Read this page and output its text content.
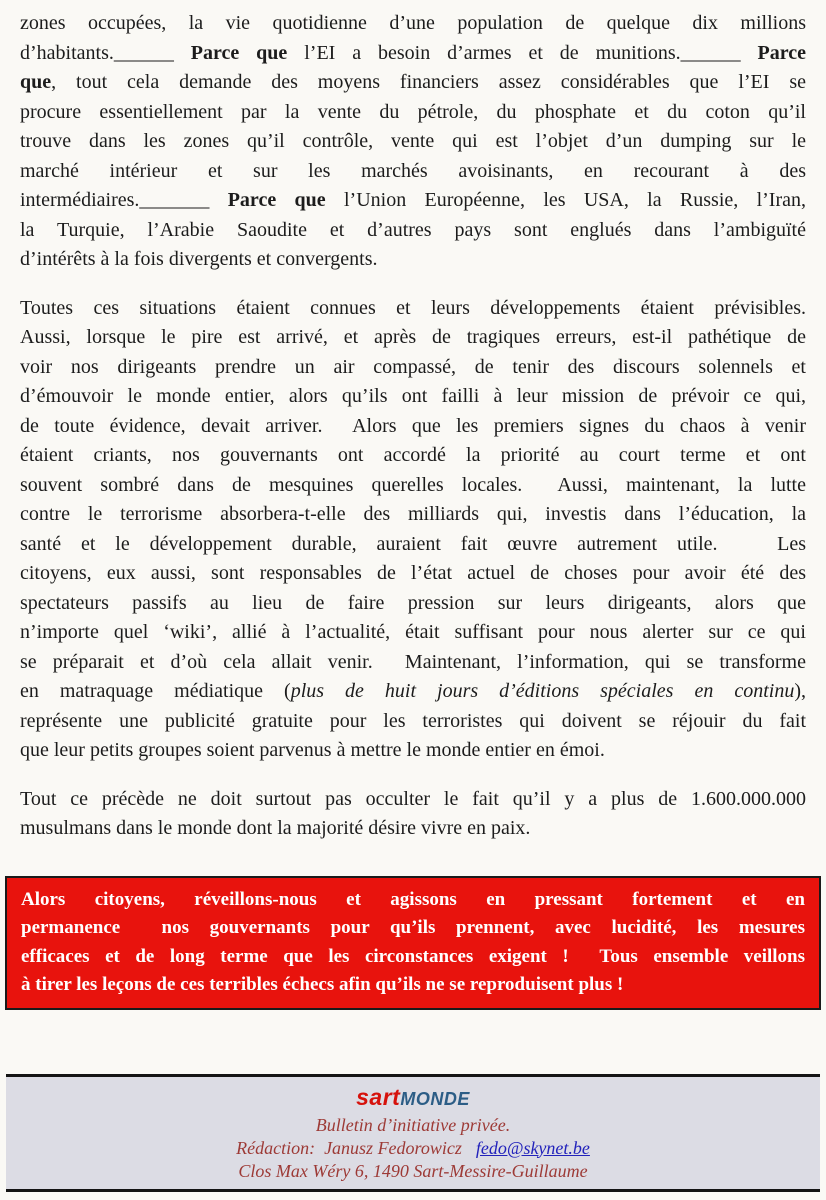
zones occupées, la vie quotidienne d’une population de quelque dix millions
d’habitants.______ Parce que l’EI a besoin d’armes et de munitions.______ Parce
que, tout cela demande des moyens financiers assez considérables que l’EI se
procure essentiellement par la vente du pétrole, du phosphate et du coton qu’il
trouve dans les zones qu’il contrôle, vente qui est l’objet d’un dumping sur le
marché intérieur et sur les marchés avoisinants, en recourant à des
intermédiaires._______ Parce que l’Union Européenne, les USA, la Russie, l’Iran,
la Turquie, l’Arabie Saoudite et d’autres pays sont englués dans l’ambiguïté
d’intérêts à la fois divergents et convergents.
Toutes ces situations étaient connues et leurs développements étaient prévisibles.
Aussi, lorsque le pire est arrivé, et après de tragiques erreurs, est-il pathétique de
voir nos dirigeants prendre un air compassé, de tenir des discours solennels et
d’émouvoir le monde entier, alors qu’ils ont failli à leur mission de prévoir ce qui,
de toute évidence, devait arriver.  Alors que les premiers signes du chaos à venir
étaient criants, nos gouvernants ont accordé la priorité au court terme et ont
souvent sombré dans de mesquines querelles locales.  Aussi, maintenant, la lutte
contre le terrorisme absorbera-t-elle des milliards qui, investis dans l’éducation, la
santé et le développement durable, auraient fait œuvre autrement utile.   Les
citoyens, eux aussi, sont responsables de l’état actuel de choses pour avoir été des
spectateurs passifs au lieu de faire pression sur leurs dirigeants, alors que
n’importe quel ‘wiki’, allié à l’actualité, était suffisant pour nous alerter sur ce qui
se préparait et d’où cela allait venir.  Maintenant, l’information, qui se transforme
en matraquage médiatique (plus de huit jours d’éditions spéciales en continu),
représente une publicité gratuite pour les terroristes qui doivent se réjouir du fait
que leur petits groupes soient parvenus à mettre le monde entier en émoi.
Tout ce précède ne doit surtout pas occulter le fait qu’il y a plus de 1.600.000.000
musulmans dans le monde dont la majorité désire vivre en paix.
Alors citoyens, réveillons-nous et agissons en pressant fortement et en
permanence  nos gouvernants pour qu’ils prennent, avec lucidité, les mesures
efficaces et de long terme que les circonstances exigent !  Tous ensemble veillons
à tirer les leçons de ces terribles échecs afin qu’ils ne se reproduisent plus !
sartMONDE
Bulletin d’initiative privée.
Rédaction:  Janusz Fedorowicz fedo@skynet.be
Clos Max Wéry 6, 1490 Sart-Messire-Guillaume
